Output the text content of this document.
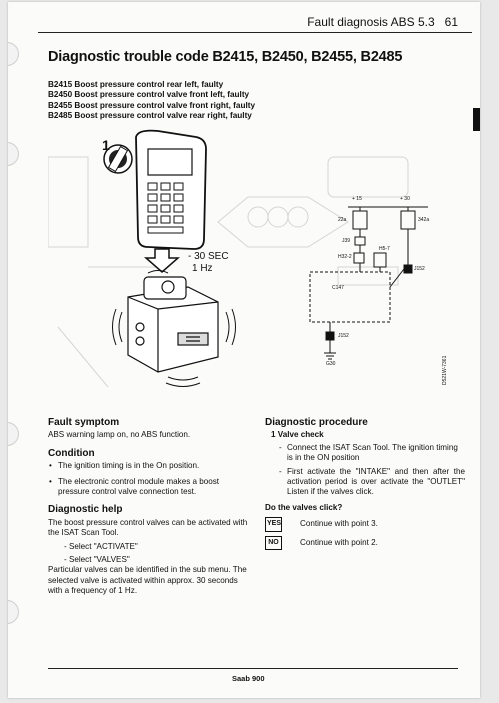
Fault diagnosis ABS 5.3 61
Diagnostic trouble code B2415, B2450, B2455, B2485
B2415 Boost pressure control rear left, faulty
B2450 Boost pressure control valve front left, faulty
B2455 Boost pressure control valve front right, faulty
B2485 Boost pressure control valve rear right, faulty
1
- 30 SEC
1 Hz
+ 15	+ 30
22a	342a
J39
H32-2
H5-7
C147
J152
J152
G30	D521W-7361
Fault symptom
ABS warning lamp on, no ABS function.
Condition
• The ignition timing is in the On position.
• The electronic control module makes a boost pressure control valve connection test.
Diagnostic help
The boost pressure control valves can be activated with the ISAT Scan Tool.
- Select "ACTIVATE"
- Select "VALVES"
Particular valves can be identified in the sub menu. The selected valve is activated within approx. 30 seconds with a frequency of 1 Hz.
Diagnostic procedure
1 Valve check
- Connect the ISAT Scan Tool. The ignition timing is in the ON position
- First activate the "INTAKE" and then after the activation period is over activate the "OUTLET" Listen if the valves click.
Do the valves click?
YES Continue with point 3.
NO	Continue with point 2.
Saab 900
